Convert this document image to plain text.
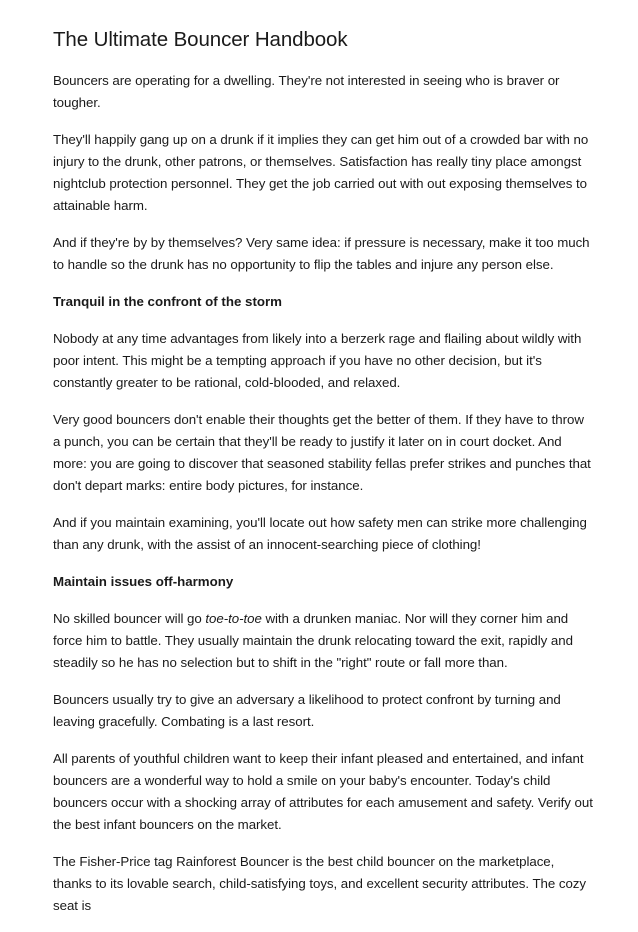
The Ultimate Bouncer Handbook

Bouncers are operating for a dwelling. They're not interested in seeing who is braver or tougher.

They'll happily gang up on a drunk if it implies they can get him out of a crowded bar with no injury to the drunk, other patrons, or themselves. Satisfaction has really tiny place amongst nightclub protection personnel. They get the job carried out with out exposing themselves to attainable harm.

And if they're by by themselves? Very same idea: if pressure is necessary, make it too much to handle so the drunk has no opportunity to flip the tables and injure any person else.

Tranquil in the confront of the storm

Nobody at any time advantages from likely into a berzerk rage and flailing about wildly with poor intent. This might be a tempting approach if you have no other decision, but it's constantly greater to be rational, cold-blooded, and relaxed.

Very good bouncers don't enable their thoughts get the better of them. If they have to throw a punch, you can be certain that they'll be ready to justify it later on in court docket. And more: you are going to discover that seasoned stability fellas prefer strikes and punches that don't depart marks: entire body pictures, for instance.

And if you maintain examining, you'll locate out how safety men can strike more challenging than any drunk, with the assist of an innocent-searching piece of clothing!

Maintain issues off-harmony

No skilled bouncer will go toe-to-toe with a drunken maniac. Nor will they corner him and force him to battle. They usually maintain the drunk relocating toward the exit, rapidly and steadily so he has no selection but to shift in the "right" route or fall more than.

Bouncers usually try to give an adversary a likelihood to protect confront by turning and leaving gracefully. Combating is a last resort.

All parents of youthful children want to keep their infant pleased and entertained, and infant bouncers are a wonderful way to hold a smile on your baby's encounter. Today's child bouncers occur with a shocking array of attributes for each amusement and safety. Verify out the best infant bouncers on the market.

The Fisher-Price tag Rainforest Bouncer is the best child bouncer on the marketplace, thanks to its lovable search, child-satisfying toys, and excellent security attributes. The cozy seat is
